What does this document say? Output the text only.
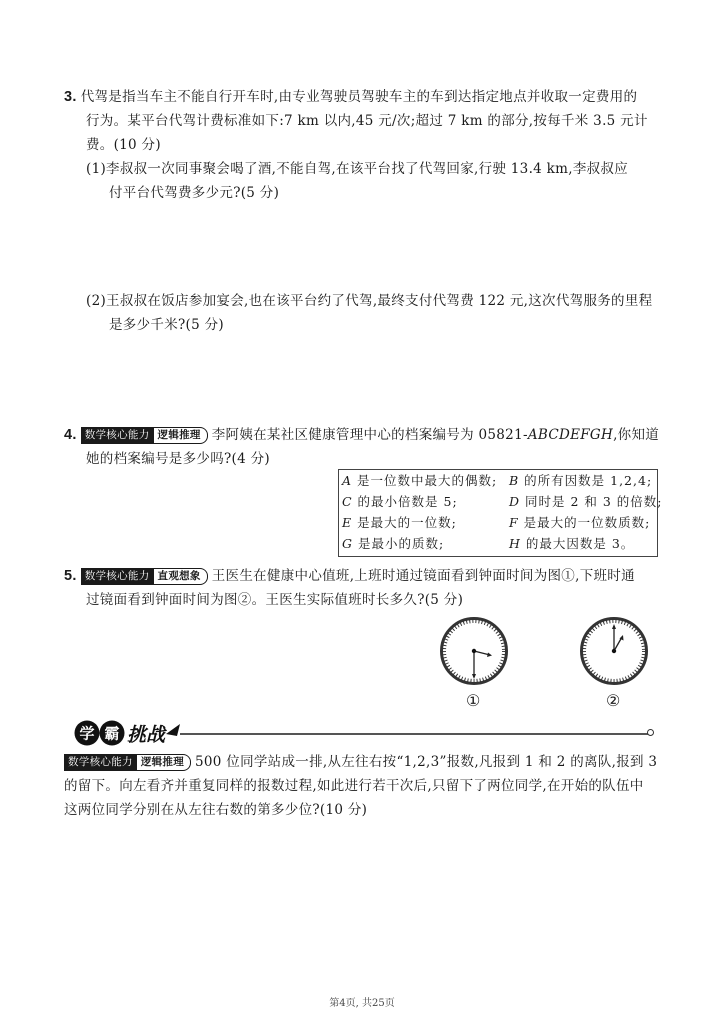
3. 代驾是指当车主不能自行开车时,由专业驾驶员驾驶车主的车到达指定地点并收取一定费用的
行为。某平台代驾计费标准如下:7 km 以内,45 元/次;超过 7 km 的部分,按每千米 3.5 元计
费。(10 分)
(1)李叔叔一次同事聚会喝了酒,不能自驾,在该平台找了代驾回家,行驶 13.4 km,李叔叔应
付平台代驾费多少元?(5 分)
(2)王叔叔在饭店参加宴会,也在该平台约了代驾,最终支付代驾费 122 元,这次代驾服务的里程
是多少千米?(5 分)
4. 数学核心能力 逻辑推理 李阿姨在某社区健康管理中心的档案编号为 05821-ABCDEFGH,你知道
她的档案编号是多少吗?(4 分)
A 是一位数中最大的偶数; B 的所有因数是 1,2,4;
C 的最小倍数是 5;	D 同时是 2 和 3 的倍数;
E 是最大的一位数;	F 是最大的一位数质数;
G 是最小的质数;	H 的最大因数是 3。
5. 数学核心能力 直观想象 王医生在健康中心值班,上班时通过镜面看到钟面时间为图①,下班时通
过镜面看到钟面时间为图②。王医生实际值班时长多久?(5 分)
①	②
学 霸 挑战
数学核心能力 逻辑推理 500 位同学站成一排,从左往右按“1,2,3”报数,凡报到 1 和 2 的离队,报到 3
的留下。向左看齐并重复同样的报数过程,如此进行若干次后,只留下了两位同学,在开始的队伍中
这两位同学分别在从左往右数的第多少位?(10 分)
第4页, 共25页
